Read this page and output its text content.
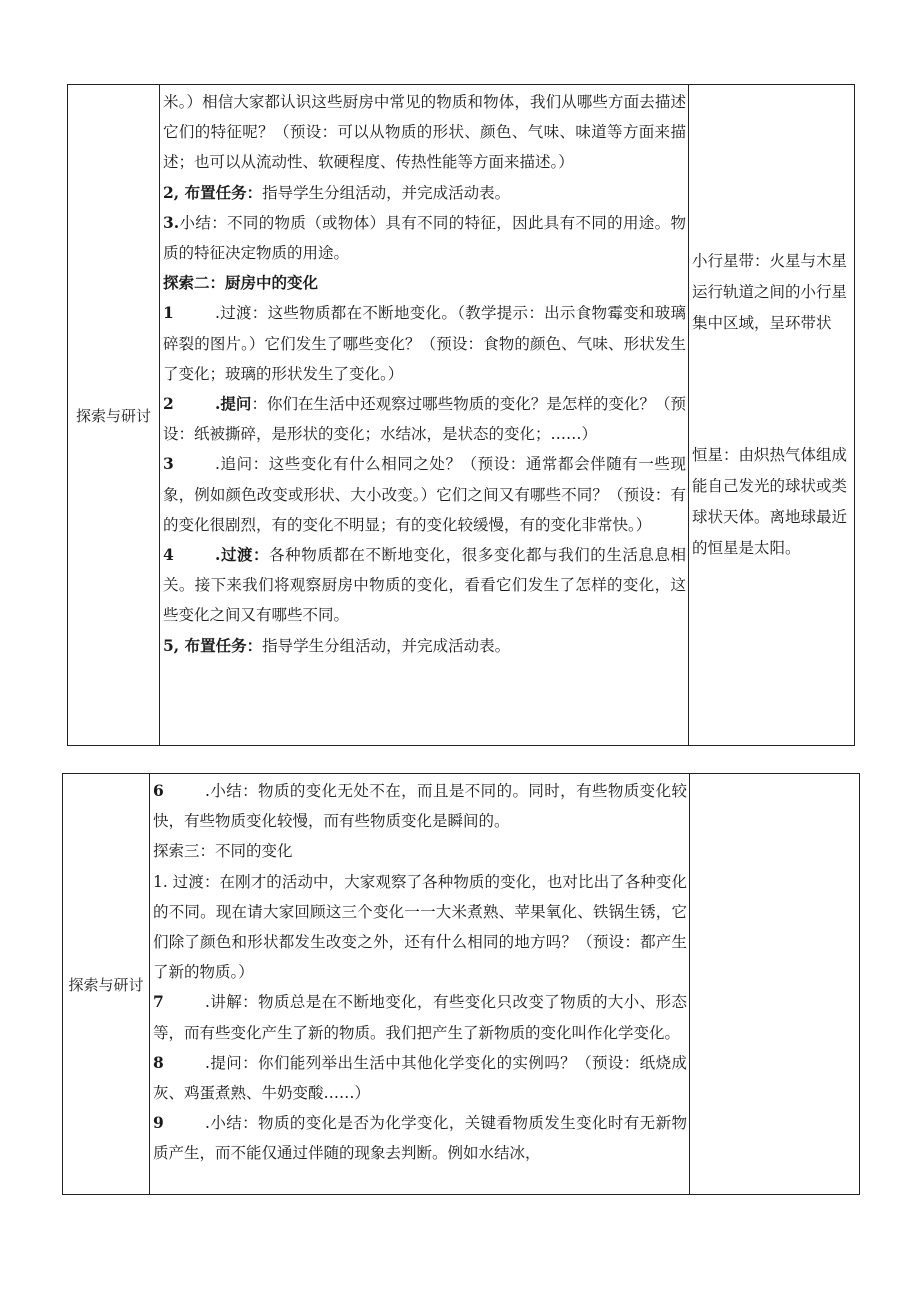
探索与研讨	

米。）相信大家都认识这些厨房中常见的物质和物体，我们从哪些方面去描述它们的特征呢？（预设：可以从物质的形状、颜色、气味、味道等方面来描述；也可以从流动性、软硬程度、传热性能等方面来描述。）

2, 布置任务：指导学生分组活动，并完成活动表。

3.小结：不同的物质（或物体）具有不同的特征，因此具有不同的用途。物质的特征决定物质的用途。

探索二：厨房中的变化

1	.过渡：这些物质都在不断地变化。（教学提示：出示食物霉变和玻璃碎裂的图片。）它们发生了哪些变化？（预设：食物的颜色、气味、形状发生了变化；玻璃的形状发生了变化。）

2	.提问：你们在生活中还观察过哪些物质的变化？是怎样的变化？（预设：纸被撕碎，是形状的变化；水结冰，是状态的变化；……）

3	.追问：这些变化有什么相同之处？（预设：通常都会伴随有一些现象，例如颜色改变或形状、大小改变。）它们之间又有哪些不同？（预设：有的变化很剧烈，有的变化不明显；有的变化较缓慢，有的变化非常快。）

4	.过渡：各种物质都在不断地变化，很多变化都与我们的生活息息相关。接下来我们将观察厨房中物质的变化，看看它们发生了怎样的变化，这些变化之间又有哪些不同。

5, 布置任务：指导学生分组活动，并完成活动表。

小行星带：火星与木星运行轨道之间的小行星集中区域，呈环带状

恒星：由炽热气体组成能自己发光的球状或类球状天体。离地球最近的恒星是太阳。

探索与研讨	

6	.小结：物质的变化无处不在，而且是不同的。同时，有些物质变化较快，有些物质变化较慢，而有些物质变化是瞬间的。

探索三：不同的变化

1. 过渡：在刚才的活动中，大家观察了各种物质的变化，也对比出了各种变化的不同。现在请大家回顾这三个变化一一大米煮熟、苹果氧化、铁锅生锈，它们除了颜色和形状都发生改变之外，还有什么相同的地方吗？（预设：都产生了新的物质。）

7	.讲解：物质总是在不断地变化，有些变化只改变了物质的大小、形态等，而有些变化产生了新的物质。我们把产生了新物质的变化叫作化学变化。

8	.提问：你们能列举出生活中其他化学变化的实例吗？（预设：纸烧成灰、鸡蛋煮熟、牛奶变酸……）

9	.小结：物质的变化是否为化学变化，关键看物质发生变化时有无新物质产生，而不能仅通过伴随的现象去判断。例如水结冰，
